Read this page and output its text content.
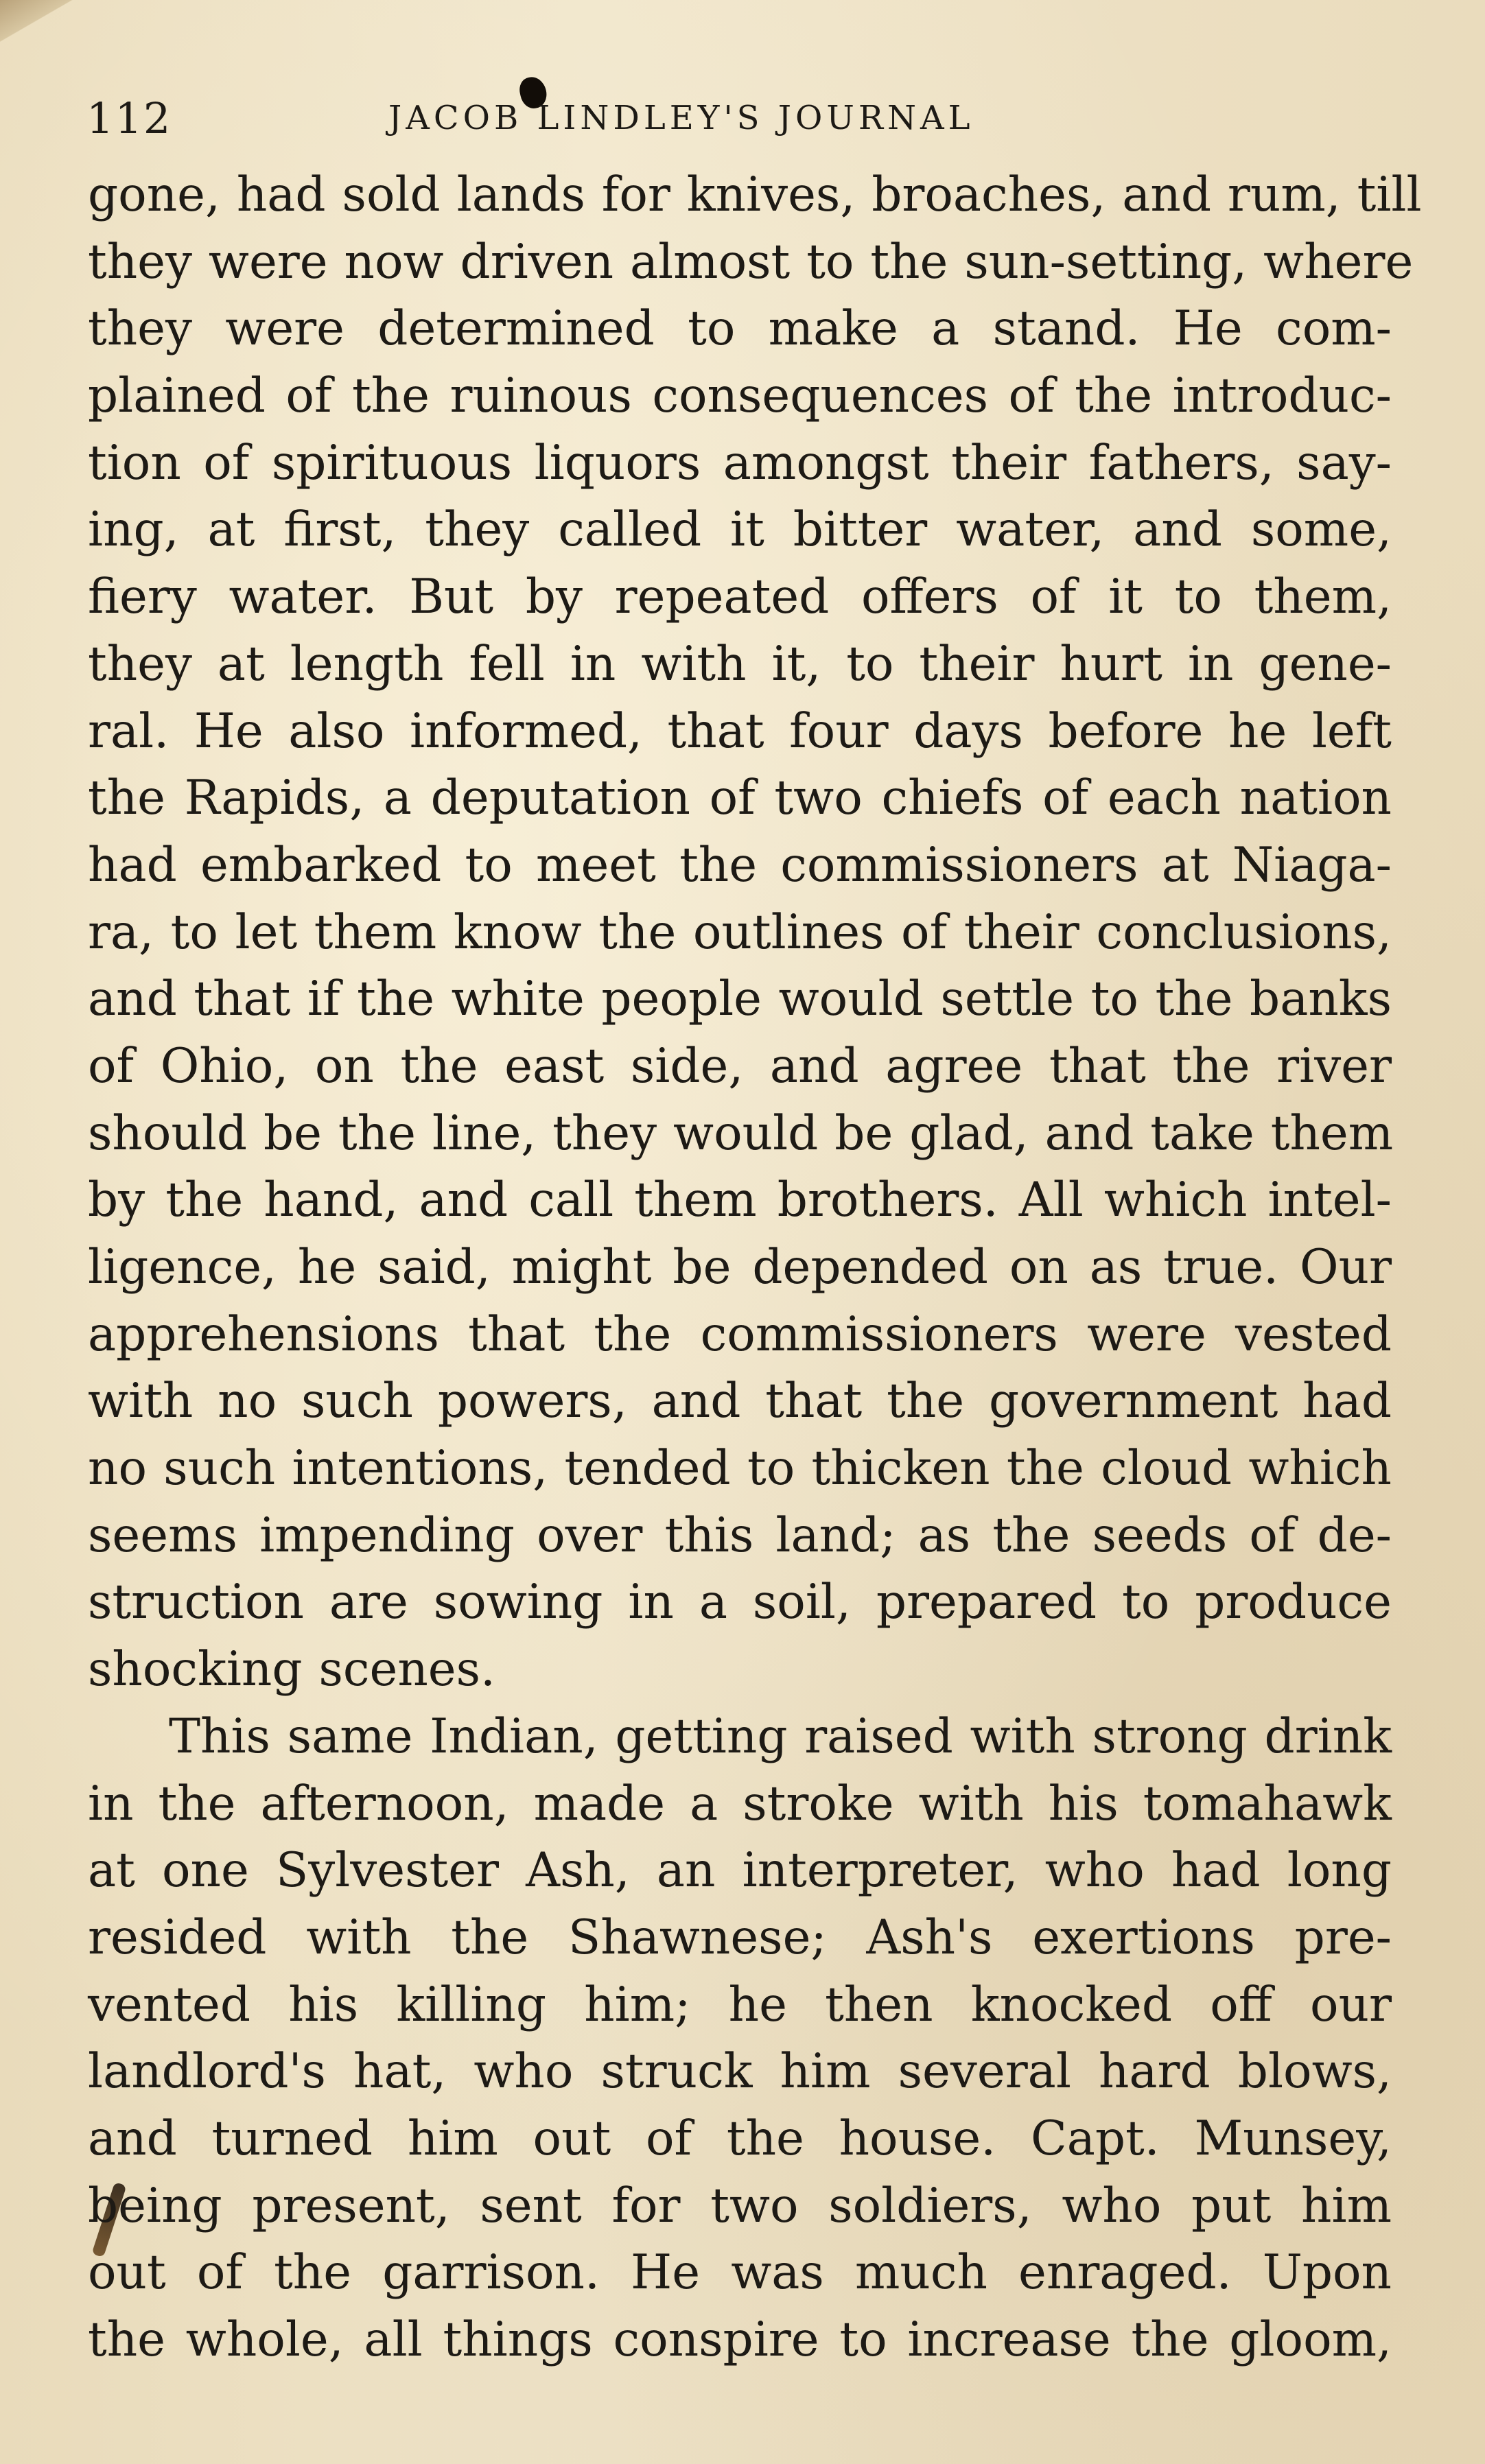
112	JACOB LINDLEY'S JOURNAL
gone, had sold lands for knives, broaches, and rum, till
they were now driven almost to the sun-setting, where
they were determined to make a stand. He com-
plained of the ruinous consequences of the introduc-
tion of spirituous liquors amongst their fathers, say-
ing, at first, they called it bitter water, and some,
fiery water. But by repeated offers of it to them,
they at length fell in with it, to their hurt in gene-
ral. He also informed, that four days before he left
the Rapids, a deputation of two chiefs of each nation
had embarked to meet the commissioners at Niaga-
ra, to let them know the outlines of their conclusions,
and that if the white people would settle to the banks
of Ohio, on the east side, and agree that the river
should be the line, they would be glad, and take them
by the hand, and call them brothers. All which intel-
ligence, he said, might be depended on as true. Our
apprehensions that the commissioners were vested
with no such powers, and that the government had
no such intentions, tended to thicken the cloud which
seems impending over this land; as the seeds of de-
struction are sowing in a soil, prepared to produce
shocking scenes.
This same Indian, getting raised with strong drink
in the afternoon, made a stroke with his tomahawk
at one Sylvester Ash, an interpreter, who had long
resided with the Shawnese; Ash's exertions pre-
vented his killing him; he then knocked off our
landlord's hat, who struck him several hard blows,
and turned him out of the house. Capt. Munsey,
being present, sent for two soldiers, who put him
out of the garrison. He was much enraged. Upon
the whole, all things conspire to increase the gloom,
